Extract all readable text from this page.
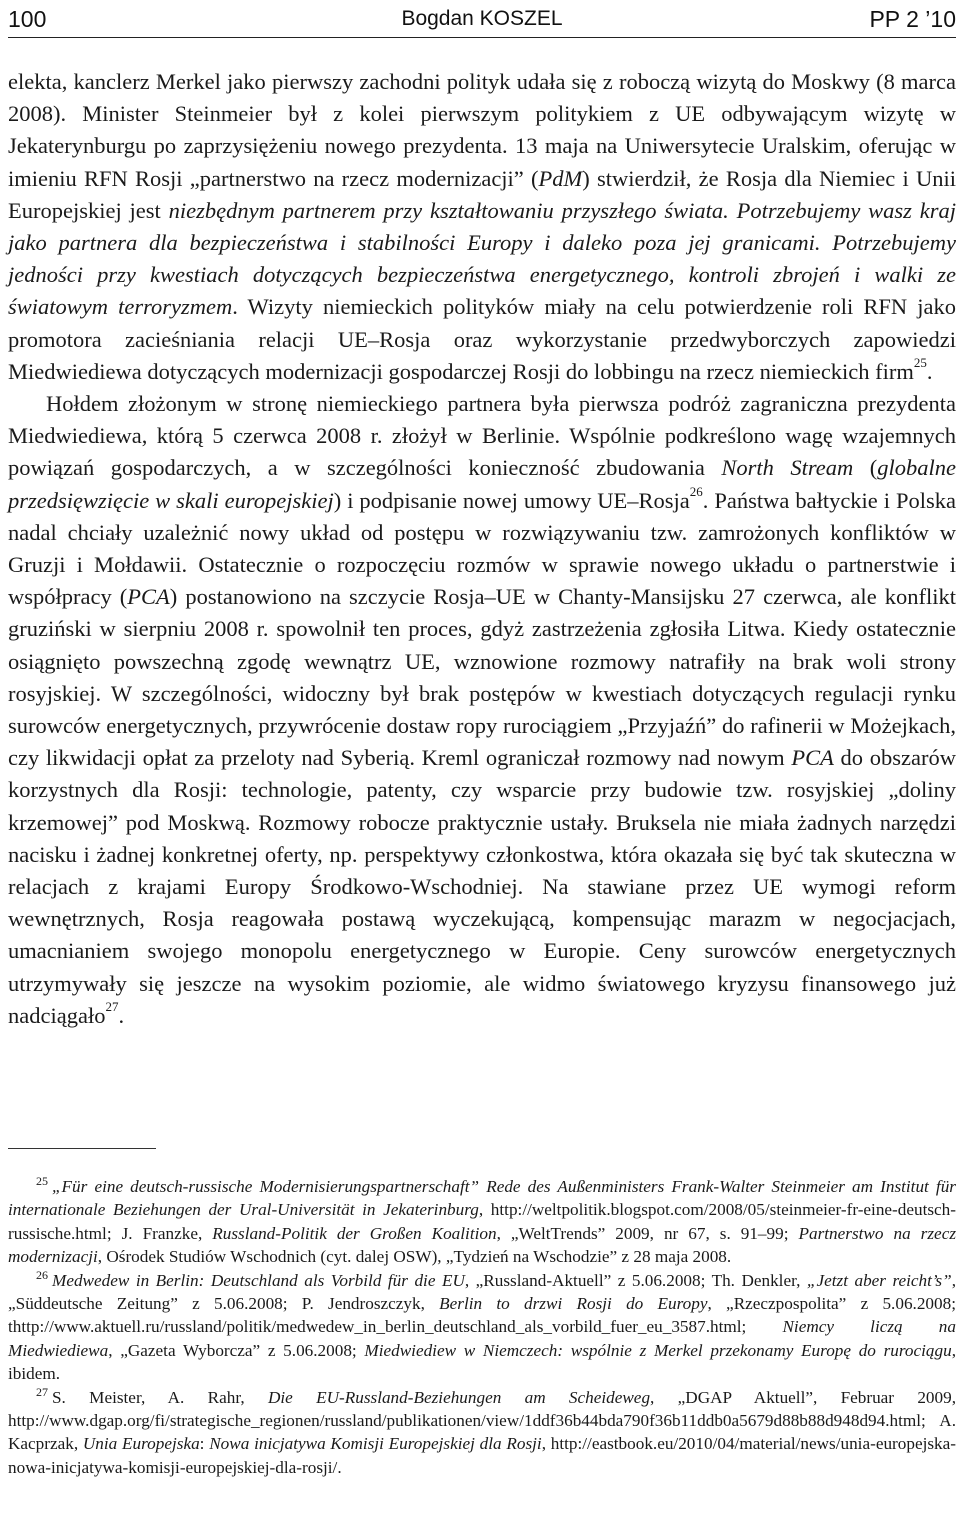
100	Bogdan KOSZEL	PP 2 ’10

elekta, kanclerz Merkel jako pierwszy zachodni polityk udała się z roboczą wizytą do Moskwy (8 marca 2008). Minister Steinmeier był z kolei pierwszym politykiem z UE odbywającym wizytę w Jekaterynburgu po zaprzysiężeniu nowego prezydenta. 13 maja na Uniwersytecie Uralskim, oferując w imieniu RFN Rosji „partnerstwo na rzecz modernizacji” (PdM) stwierdził, że Rosja dla Niemiec i Unii Europejskiej jest niezbędnym partnerem przy kształtowaniu przyszłego świata. Potrzebujemy wasz kraj jako partnera dla bezpieczeństwa i stabilności Europy i daleko poza jej granicami. Potrzebujemy jedności przy kwestiach dotyczących bezpieczeństwa energetycznego, kontroli zbrojeń i walki ze światowym terroryzmem. Wizyty niemieckich polityków miały na celu potwierdzenie roli RFN jako promotora zacieśniania relacji UE–Rosja oraz wykorzystanie przedwyborczych zapowiedzi Miedwiediewa dotyczących modernizacji gospodarczej Rosji do lobbingu na rzecz niemieckich firm$^{25}$.

Hołdem złożonym w stronę niemieckiego partnera była pierwsza podróż zagraniczna prezydenta Miedwiediewa, którą 5 czerwca 2008 r. złożył w Berlinie. Wspólnie podkreślono wagę wzajemnych powiązań gospodarczych, a w szczególności konieczność zbudowania North Stream (globalne przedsięwzięcie w skali europejskiej) i podpisanie nowej umowy UE–Rosja$^{26}$. Państwa bałtyckie i Polska nadal chciały uzależnić nowy układ od postępu w rozwiązywaniu tzw. zamrożonych konfliktów w Gruzji i Mołdawii. Ostatecznie o rozpoczęciu rozmów w sprawie nowego układu o partnerstwie i współpracy (PCA) postanowiono na szczycie Rosja–UE w Chanty-Mansijsku 27 czerwca, ale konflikt gruziński w sierpniu 2008 r. spowolnił ten proces, gdyż zastrzeżenia zgłosiła Litwa. Kiedy ostatecznie osiągnięto powszechną zgodę wewnątrz UE, wznowione rozmowy natrafiły na brak woli strony rosyjskiej. W szczególności, widoczny był brak postępów w kwestiach dotyczących regulacji rynku surowców energetycznych, przywrócenie dostaw ropy rurociągiem „Przyjaźń” do rafinerii w Możejkach, czy likwidacji opłat za przeloty nad Syberią. Kreml ograniczał rozmowy nad nowym PCA do obszarów korzystnych dla Rosji: technologie, patenty, czy wsparcie przy budowie tzw. rosyjskiej „doliny krzemowej” pod Moskwą. Rozmowy robocze praktycznie ustały. Bruksela nie miała żadnych narzędzi nacisku i żadnej konkretnej oferty, np. perspektywy członkostwa, która okazała się być tak skuteczna w relacjach z krajami Europy Środkowo-Wschodniej. Na stawiane przez UE wymogi reform wewnętrznych, Rosja reagowała postawą wyczekującą, kompensując marazm w negocjacjach, umacnianiem swojego monopolu energetycznego w Europie. Ceny surowców energetycznych utrzymywały się jeszcze na wysokim poziomie, ale widmo światowego kryzysu finansowego już nadciągało$^{27}$.

$^{25}$ „Für eine deutsch-russische Modernisierungspartnerschaft” Rede des Außenministers Frank-Walter Steinmeier am Institut für internationale Beziehungen der Ural-Universität in Jekaterinburg, http://weltpolitik.blogspot.com/2008/05/steinmeier-fr-eine-deutsch-russische.html; J. Franzke, Russland-Politik der Großen Koalition, „WeltTrends” 2009, nr 67, s. 91–99; Partnerstwo na rzecz modernizacji, Ośrodek Studiów Wschodnich (cyt. dalej OSW), „Tydzień na Wschodzie” z 28 maja 2008.

$^{26}$ Medwedew in Berlin: Deutschland als Vorbild für die EU, „Russland-Aktuell” z 5.06.2008; Th. Denkler, „Jetzt aber reicht’s”, „Süddeutsche Zeitung” z 5.06.2008; P. Jendroszczyk, Berlin to drzwi Rosji do Europy, „Rzeczpospolita” z 5.06.2008; thttp://www.aktuell.ru/russland/politik/medwedew_in_berlin_deutschland_als_vorbild_fuer_eu_3587.html; Niemcy liczą na Miedwiediewa, „Gazeta Wyborcza” z 5.06.2008; Miedwiediew w Niemczech: wspólnie z Merkel przekonamy Europę do rurociągu, ibidem.

$^{27}$ S. Meister, A. Rahr, Die EU-Russland-Beziehungen am Scheideweg, „DGAP Aktuell”, Februar 2009, http://www.dgap.org/fi/strategische_regionen/russland/publikationen/view/1ddf36b44bda790f36b11ddb0a5679d88b88d948d94.html; A. Kacprzak, Unia Europejska: Nowa inicjatywa Komisji Europejskiej dla Rosji, http://eastbook.eu/2010/04/material/news/unia-europejska-nowa-inicjatywa-komisji-europejskiej-dla-rosji/.
